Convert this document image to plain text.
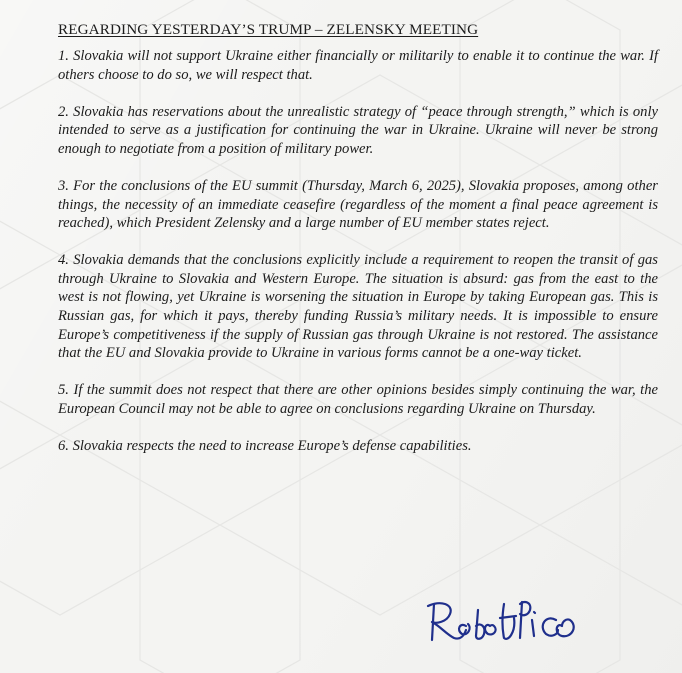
REGARDING YESTERDAY’S TRUMP – ZELENSKY MEETING

1. Slovakia will not support Ukraine either financially or militarily to enable it to continue the war. If others choose to do so, we will respect that.

2. Slovakia has reservations about the unrealistic strategy of “peace through strength,” which is only intended to serve as a justification for continuing the war in Ukraine. Ukraine will never be strong enough to negotiate from a position of military power.

3. For the conclusions of the EU summit (Thursday, March 6, 2025), Slovakia proposes, among other things, the necessity of an immediate ceasefire (regardless of the moment a final peace agreement is reached), which President Zelensky and a large number of EU member states reject.

4. Slovakia demands that the conclusions explicitly include a requirement to reopen the transit of gas through Ukraine to Slovakia and Western Europe. The situation is absurd: gas from the east to the west is not flowing, yet Ukraine is worsening the situation in Europe by taking European gas. This is Russian gas, for which it pays, thereby funding Russia’s military needs. It is impossible to ensure Europe’s competitiveness if the supply of Russian gas through Ukraine is not restored. The assistance that the EU and Slovakia provide to Ukraine in various forms cannot be a one-way ticket.

5. If the summit does not respect that there are other opinions besides simply continuing the war, the European Council may not be able to agree on conclusions regarding Ukraine on Thursday.

6. Slovakia respects the need to increase Europe’s defense capabilities.
